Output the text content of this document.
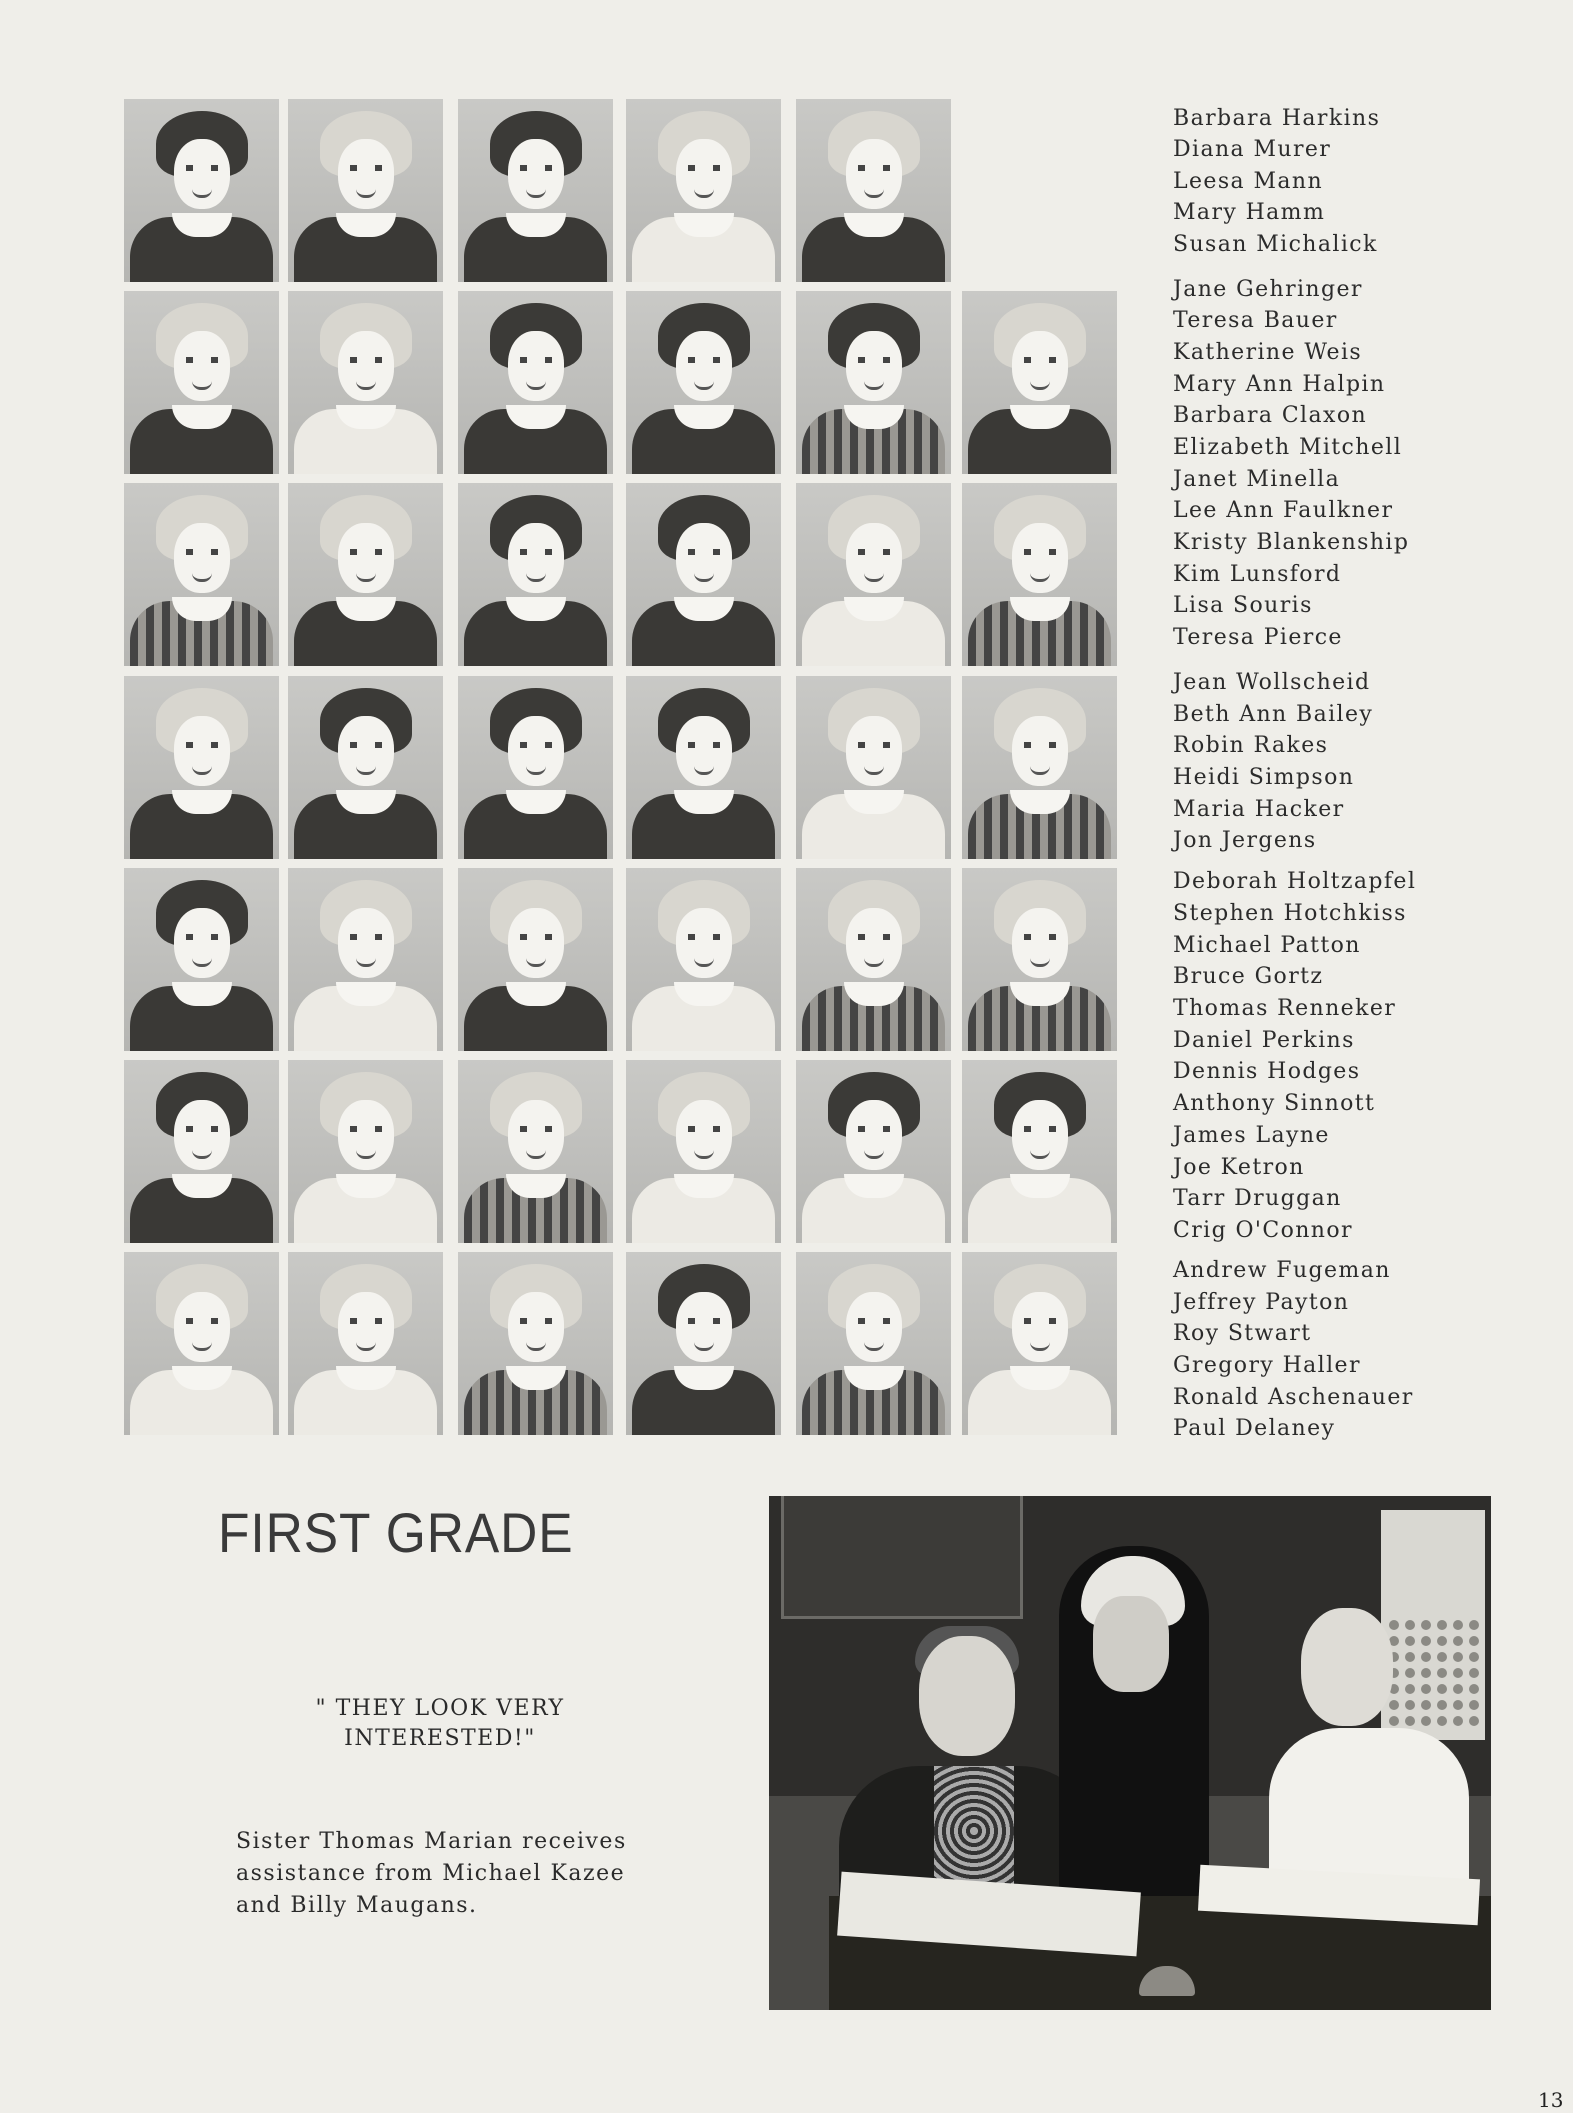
Barbara Harkins
Diana Murer
Leesa Mann
Mary Hamm
Susan Michalick
Jane Gehringer
Teresa Bauer
Katherine Weis
Mary Ann Halpin
Barbara Claxon
Elizabeth Mitchell
Janet Minella
Lee Ann Faulkner
Kristy Blankenship
Kim Lunsford
Lisa Souris
Teresa Pierce
Jean Wollscheid
Beth Ann Bailey
Robin Rakes
Heidi Simpson
Maria Hacker
Jon Jergens
Deborah Holtzapfel
Stephen Hotchkiss
Michael Patton
Bruce Gortz
Thomas Renneker
Daniel Perkins
Dennis Hodges
Anthony Sinnott
James Layne
Joe Ketron
Tarr Druggan
Crig O'Connor
Andrew Fugeman
Jeffrey Payton
Roy Stwart
Gregory Haller
Ronald Aschenauer
Paul Delaney
FIRST GRADE
" THEY LOOK VERY
INTERESTED!"
Sister Thomas Marian receives
assistance from Michael Kazee
and Billy Maugans.
13
